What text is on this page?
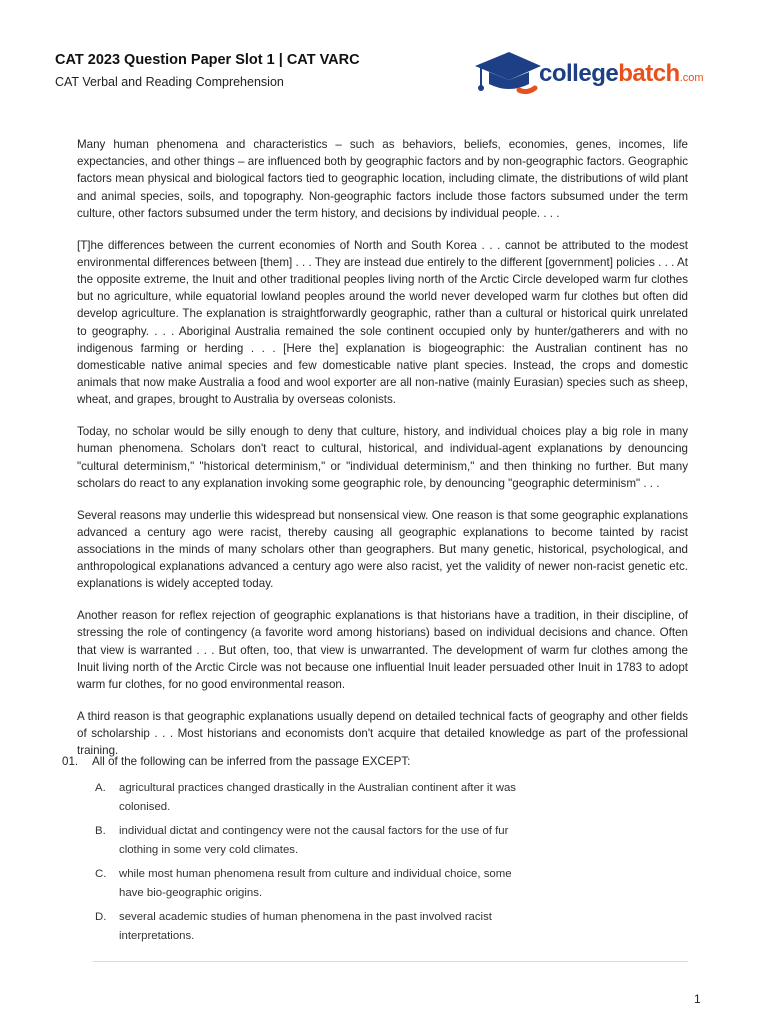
CAT 2023 Question Paper Slot 1 | CAT VARC
CAT Verbal and Reading Comprehension	collegebatch.com

Many human phenomena and characteristics – such as behaviors, beliefs, economies, genes, incomes, life expectancies, and other things – are influenced both by geographic factors and by non-geographic factors. Geographic factors mean physical and biological factors tied to geographic location, including climate, the distributions of wild plant and animal species, soils, and topography. Non-geographic factors include those factors subsumed under the term culture, other factors subsumed under the term history, and decisions by individual people. . . .

[T]he differences between the current economies of North and South Korea . . . cannot be attributed to the modest environmental differences between [them] . . . They are instead due entirely to the different [government] policies . . . At the opposite extreme, the Inuit and other traditional peoples living north of the Arctic Circle developed warm fur clothes but no agriculture, while equatorial lowland peoples around the world never developed warm fur clothes but often did develop agriculture. The explanation is straightforwardly geographic, rather than a cultural or historical quirk unrelated to geography. . . . Aboriginal Australia remained the sole continent occupied only by hunter/gatherers and with no indigenous farming or herding . . . [Here the] explanation is biogeographic: the Australian continent has no domesticable native animal species and few domesticable native plant species. Instead, the crops and domestic animals that now make Australia a food and wool exporter are all non-native (mainly Eurasian) species such as sheep, wheat, and grapes, brought to Australia by overseas colonists.

Today, no scholar would be silly enough to deny that culture, history, and individual choices play a big role in many human phenomena. Scholars don't react to cultural, historical, and individual-agent explanations by denouncing "cultural determinism," "historical determinism," or "individual determinism," and then thinking no further. But many scholars do react to any explanation invoking some geographic role, by denouncing "geographic determinism" . . .

Several reasons may underlie this widespread but nonsensical view. One reason is that some geographic explanations advanced a century ago were racist, thereby causing all geographic explanations to become tainted by racist associations in the minds of many scholars other than geographers. But many genetic, historical, psychological, and anthropological explanations advanced a century ago were also racist, yet the validity of newer non-racist genetic etc. explanations is widely accepted today.

Another reason for reflex rejection of geographic explanations is that historians have a tradition, in their discipline, of stressing the role of contingency (a favorite word among historians) based on individual decisions and chance. Often that view is warranted . . . But often, too, that view is unwarranted. The development of warm fur clothes among the Inuit living north of the Arctic Circle was not because one influential Inuit leader persuaded other Inuit in 1783 to adopt warm fur clothes, for no good environmental reason.

A third reason is that geographic explanations usually depend on detailed technical facts of geography and other fields of scholarship . . . Most historians and economists don't acquire that detailed knowledge as part of the professional training.

01. All of the following can be inferred from the passage EXCEPT:
A. agricultural practices changed drastically in the Australian continent after it was colonised.
B. individual dictat and contingency were not the causal factors for the use of fur clothing in some very cold climates.
C. while most human phenomena result from culture and individual choice, some have bio-geographic origins.
D. several academic studies of human phenomena in the past involved racist interpretations.
1
